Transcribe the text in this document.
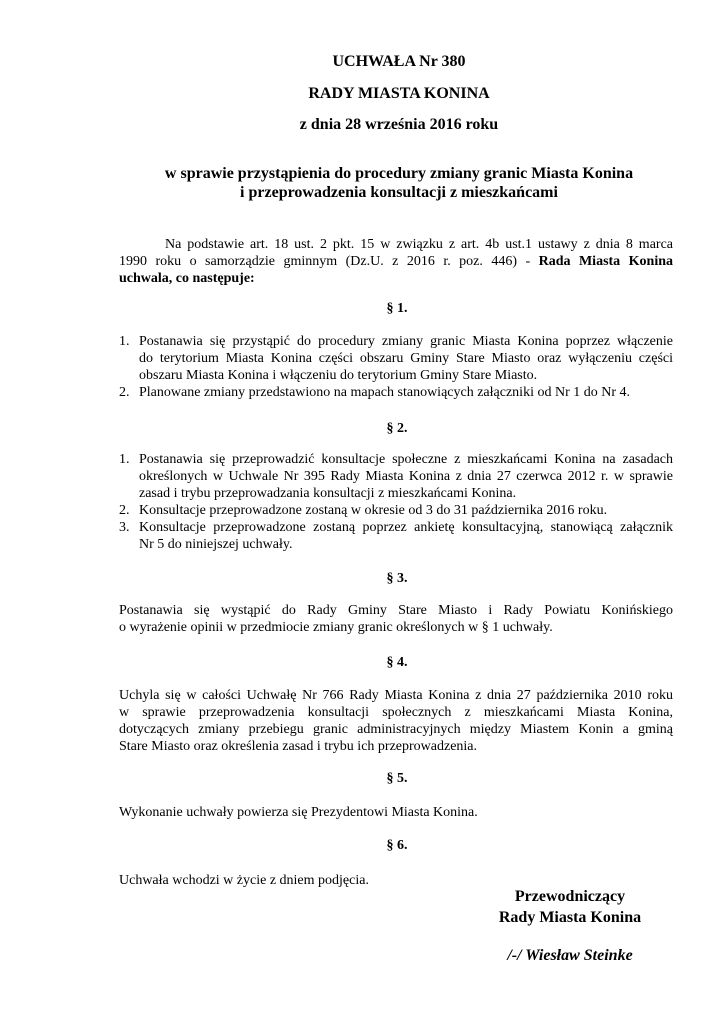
UCHWAŁA Nr 380
RADY MIASTA KONINA
z dnia 28 września 2016 roku
w sprawie przystąpienia do procedury zmiany granic Miasta Konina
i przeprowadzenia konsultacji z mieszkańcami
Na podstawie art. 18 ust. 2 pkt. 15 w związku z art. 4b ust.1 ustawy z dnia 8 marca
1990 roku o samorządzie gminnym (Dz.U. z 2016 r. poz. 446) - Rada Miasta Konina
uchwala, co następuje:
§ 1.
1. Postanawia się przystąpić do procedury zmiany granic Miasta Konina poprzez włączenie
do terytorium Miasta Konina części obszaru Gminy Stare Miasto oraz wyłączeniu części
obszaru Miasta Konina i włączeniu do terytorium Gminy Stare Miasto.
2. Planowane zmiany przedstawiono na mapach stanowiących załączniki od Nr 1 do Nr 4.
§ 2.
1. Postanawia się przeprowadzić konsultacje społeczne z mieszkańcami Konina na zasadach
określonych w Uchwale Nr 395 Rady Miasta Konina z dnia 27 czerwca 2012 r. w sprawie
zasad i trybu przeprowadzania konsultacji z mieszkańcami Konina.
2. Konsultacje przeprowadzone zostaną w okresie od 3 do 31 października 2016 roku.
3. Konsultacje przeprowadzone zostaną poprzez ankietę konsultacyjną, stanowiącą załącznik
Nr 5 do niniejszej uchwały.
§ 3.
Postanawia się wystąpić do Rady Gminy Stare Miasto i Rady Powiatu Konińskiego
o wyrażenie opinii w przedmiocie zmiany granic określonych w § 1 uchwały.
§ 4.
Uchyla się w całości Uchwałę Nr 766 Rady Miasta Konina z dnia 27 października 2010 roku
w sprawie przeprowadzenia konsultacji społecznych z mieszkańcami Miasta Konina,
dotyczących zmiany przebiegu granic administracyjnych między Miastem Konin a gminą
Stare Miasto oraz określenia zasad i trybu ich przeprowadzenia.
§ 5.
Wykonanie uchwały powierza się Prezydentowi Miasta Konina.
§ 6.
Uchwała wchodzi w życie z dniem podjęcia.
Przewodniczący
Rady Miasta Konina
/-/ Wiesław Steinke
